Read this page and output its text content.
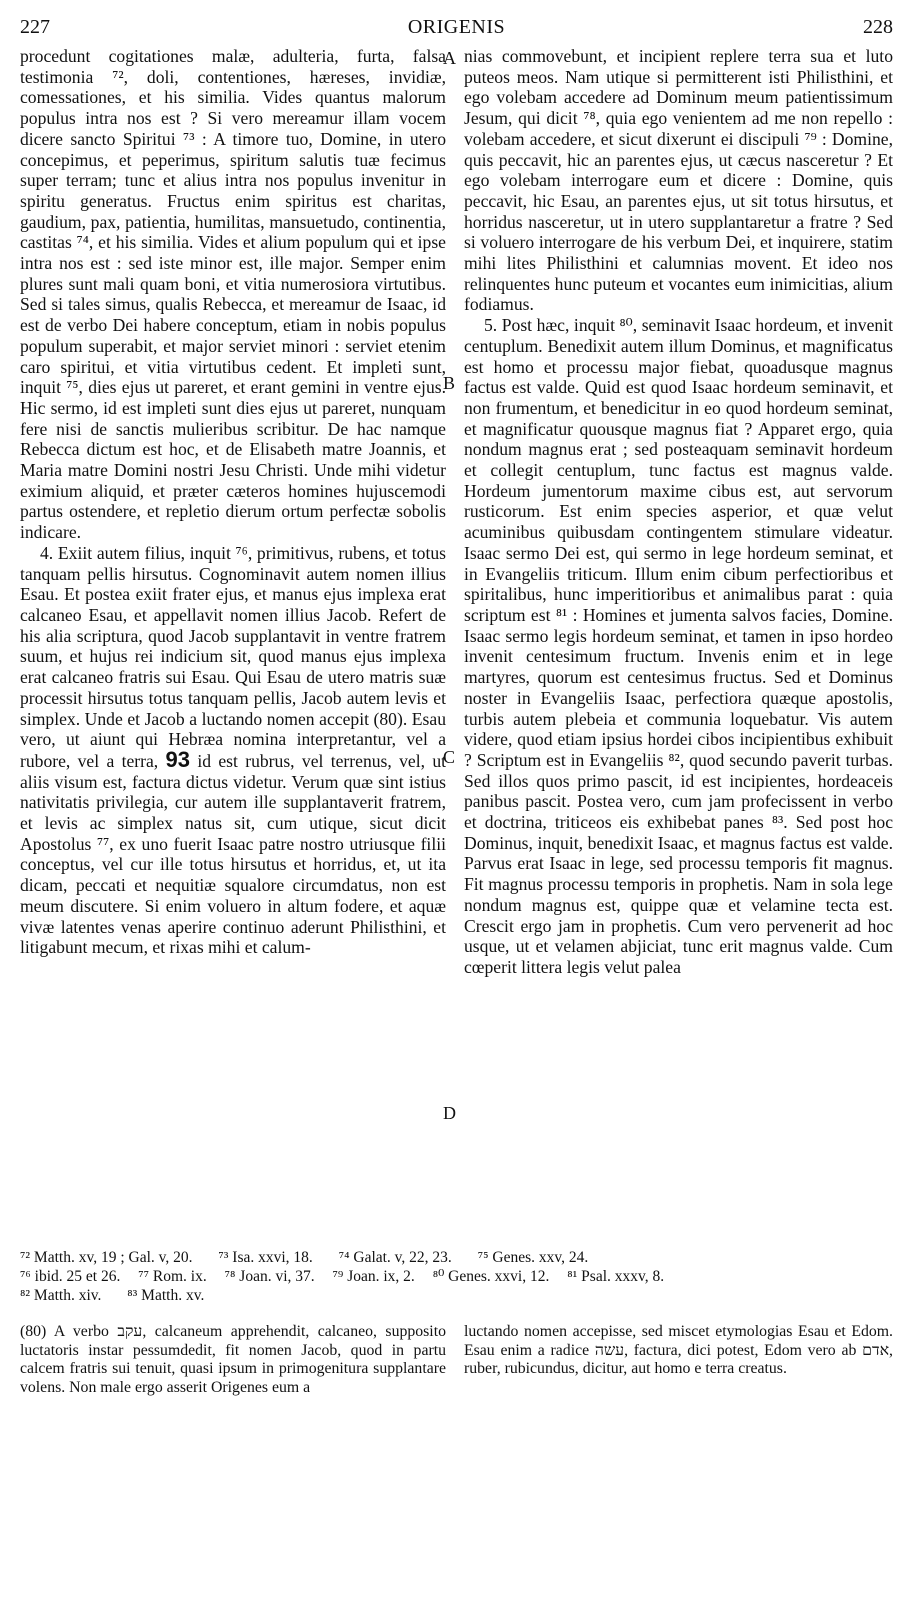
227	ORIGENIS	228
A
B
C
D

procedunt cogitationes malæ, adulteria, furta, falsa testimonia ⁷², doli, contentiones, hæreses, invidiæ, comessationes, et his similia. Vides quantus malorum populus intra nos est ? Si vero mereamur illam vocem dicere sancto Spiritui ⁷³ : A timore tuo, Domine, in utero concepimus, et peperimus, spiritum salutis tuæ fecimus super terram; tunc et alius intra nos populus invenitur in spiritu generatus. Fructus enim spiritus est charitas, gaudium, pax, patientia, humilitas, mansuetudo, continentia, castitas ⁷⁴, et his similia. Vides et alium populum qui et ipse intra nos est : sed iste minor est, ille major. Semper enim plures sunt mali quam boni, et vitia numerosiora virtutibus. Sed si tales simus, qualis Rebecca, et mereamur de Isaac, id est de verbo Dei habere conceptum, etiam in nobis populus populum superabit, et major serviet minori : serviet etenim caro spiritui, et vitia virtutibus cedent. Et impleti sunt, inquit ⁷⁵, dies ejus ut pareret, et erant gemini in ventre ejus. Hic sermo, id est impleti sunt dies ejus ut pareret, nunquam fere nisi de sanctis mulieribus scribitur. De hac namque Rebecca dictum est hoc, et de Elisabeth matre Joannis, et Maria matre Domini nostri Jesu Christi. Unde mihi videtur eximium aliquid, et præter cæteros homines hujuscemodi partus ostendere, et repletio dierum ortum perfectæ sobolis indicare.

4. Exiit autem filius, inquit ⁷⁶, primitivus, rubens, et totus tanquam pellis hirsutus. Cognominavit autem nomen illius Esau. Et postea exiit frater ejus, et manus ejus implexa erat calcaneo Esau, et appellavit nomen illius Jacob. Refert de his alia scriptura, quod Jacob supplantavit in ventre fratrem suum, et hujus rei indicium sit, quod manus ejus implexa erat calcaneo fratris sui Esau. Qui Esau de utero matris suæ processit hirsutus totus tanquam pellis, Jacob autem levis et simplex. Unde et Jacob a luctando nomen accepit (80). Esau vero, ut aiunt qui Hebræa nomina interpretantur, vel a rubore, vel a terra, 93 id est rubrus, vel terrenus, vel, ut aliis visum est, factura dictus videtur. Verum quæ sint istius nativitatis privilegia, cur autem ille supplantaverit fratrem, et levis ac simplex natus sit, cum utique, sicut dicit Apostolus ⁷⁷, ex uno fuerit Isaac patre nostro utriusque filii conceptus, vel cur ille totus hirsutus et horridus, et, ut ita dicam, peccati et nequitiæ squalore circumdatus, non est meum discutere. Si enim voluero in altum fodere, et aquæ vivæ latentes venas aperire continuo aderunt Philisthini, et litigabunt mecum, et rixas mihi et calum-

nias commovebunt, et incipient replere terra sua et luto puteos meos. Nam utique si permitterent isti Philisthini, et ego volebam accedere ad Dominum meum patientissimum Jesum, qui dicit ⁷⁸, quia ego venientem ad me non repello : volebam accedere, et sicut dixerunt ei discipuli ⁷⁹ : Domine, quis peccavit, hic an parentes ejus, ut cæcus nasceretur ? Et ego volebam interrogare eum et dicere : Domine, quis peccavit, hic Esau, an parentes ejus, ut sit totus hirsutus, et horridus nasceretur, ut in utero supplantaretur a fratre ? Sed si voluero interrogare de his verbum Dei, et inquirere, statim mihi lites Philisthini et calumnias movent. Et ideo nos relinquentes hunc puteum et vocantes eum inimicitias, alium fodiamus.

5. Post hæc, inquit ⁸⁰, seminavit Isaac hordeum, et invenit centuplum. Benedixit autem illum Dominus, et magnificatus est homo et processu major fiebat, quoadusque magnus factus est valde. Quid est quod Isaac hordeum seminavit, et non frumentum, et benedicitur in eo quod hordeum seminat, et magnificatur quousque magnus fiat ? Apparet ergo, quia nondum magnus erat ; sed posteaquam seminavit hordeum et collegit centuplum, tunc factus est magnus valde. Hordeum jumentorum maxime cibus est, aut servorum rusticorum. Est enim species asperior, et quæ velut acuminibus quibusdam contingentem stimulare videatur. Isaac sermo Dei est, qui sermo in lege hordeum seminat, et in Evangeliis triticum. Illum enim cibum perfectioribus et spiritalibus, hunc imperitioribus et animalibus parat : quia scriptum est ⁸¹ : Homines et jumenta salvos facies, Domine. Isaac sermo legis hordeum seminat, et tamen in ipso hordeo invenit centesimum fructum. Invenis enim et in lege martyres, quorum est centesimus fructus. Sed et Dominus noster in Evangeliis Isaac, perfectiora quæque apostolis, turbis autem plebeia et communia loquebatur. Vis autem videre, quod etiam ipsius hordei cibos incipientibus exhibuit ? Scriptum est in Evangeliis ⁸², quod secundo paverit turbas. Sed illos quos primo pascit, id est incipientes, hordeaceis panibus pascit. Postea vero, cum jam profecissent in verbo et doctrina, triticeos eis exhibebat panes ⁸³. Sed post hoc Dominus, inquit, benedixit Isaac, et magnus factus est valde. Parvus erat Isaac in lege, sed processu temporis fit magnus. Fit magnus processu temporis in prophetis. Nam in sola lege nondum magnus est, quippe quæ et velamine tecta est. Crescit ergo jam in prophetis. Cum vero pervenerit ad hoc usque, ut et velamen abjiciat, tunc erit magnus valde. Cum cœperit littera legis velut palea

⁷² Matth. xv, 19 ; Gal. v, 20. ⁷³ Isa. xxvi, 18. ⁷⁴ Galat. v, 22, 23. ⁷⁵ Genes. xxv, 24.
⁷⁶ ibid. 25 et 26. ⁷⁷ Rom. ix. ⁷⁸ Joan. vi, 37. ⁷⁹ Joan. ix, 2. ⁸⁰ Genes. xxvi, 12. ⁸¹ Psal. xxxv, 8.
⁸² Matth. xiv. ⁸³ Matth. xv.
(80) A verbo עקב, calcaneum apprehendit, calcaneo, supposito luctatoris instar pessumdedit, fit nomen Jacob, quod in partu calcem fratris sui tenuit, quasi ipsum in primogenitura supplantare volens. Non male ergo asserit Origenes eum a
luctando nomen accepisse, sed miscet etymologias Esau et Edom. Esau enim a radice עשה, factura, dici potest, Edom vero ab אדם, ruber, rubicundus, dicitur, aut homo e terra creatus.
